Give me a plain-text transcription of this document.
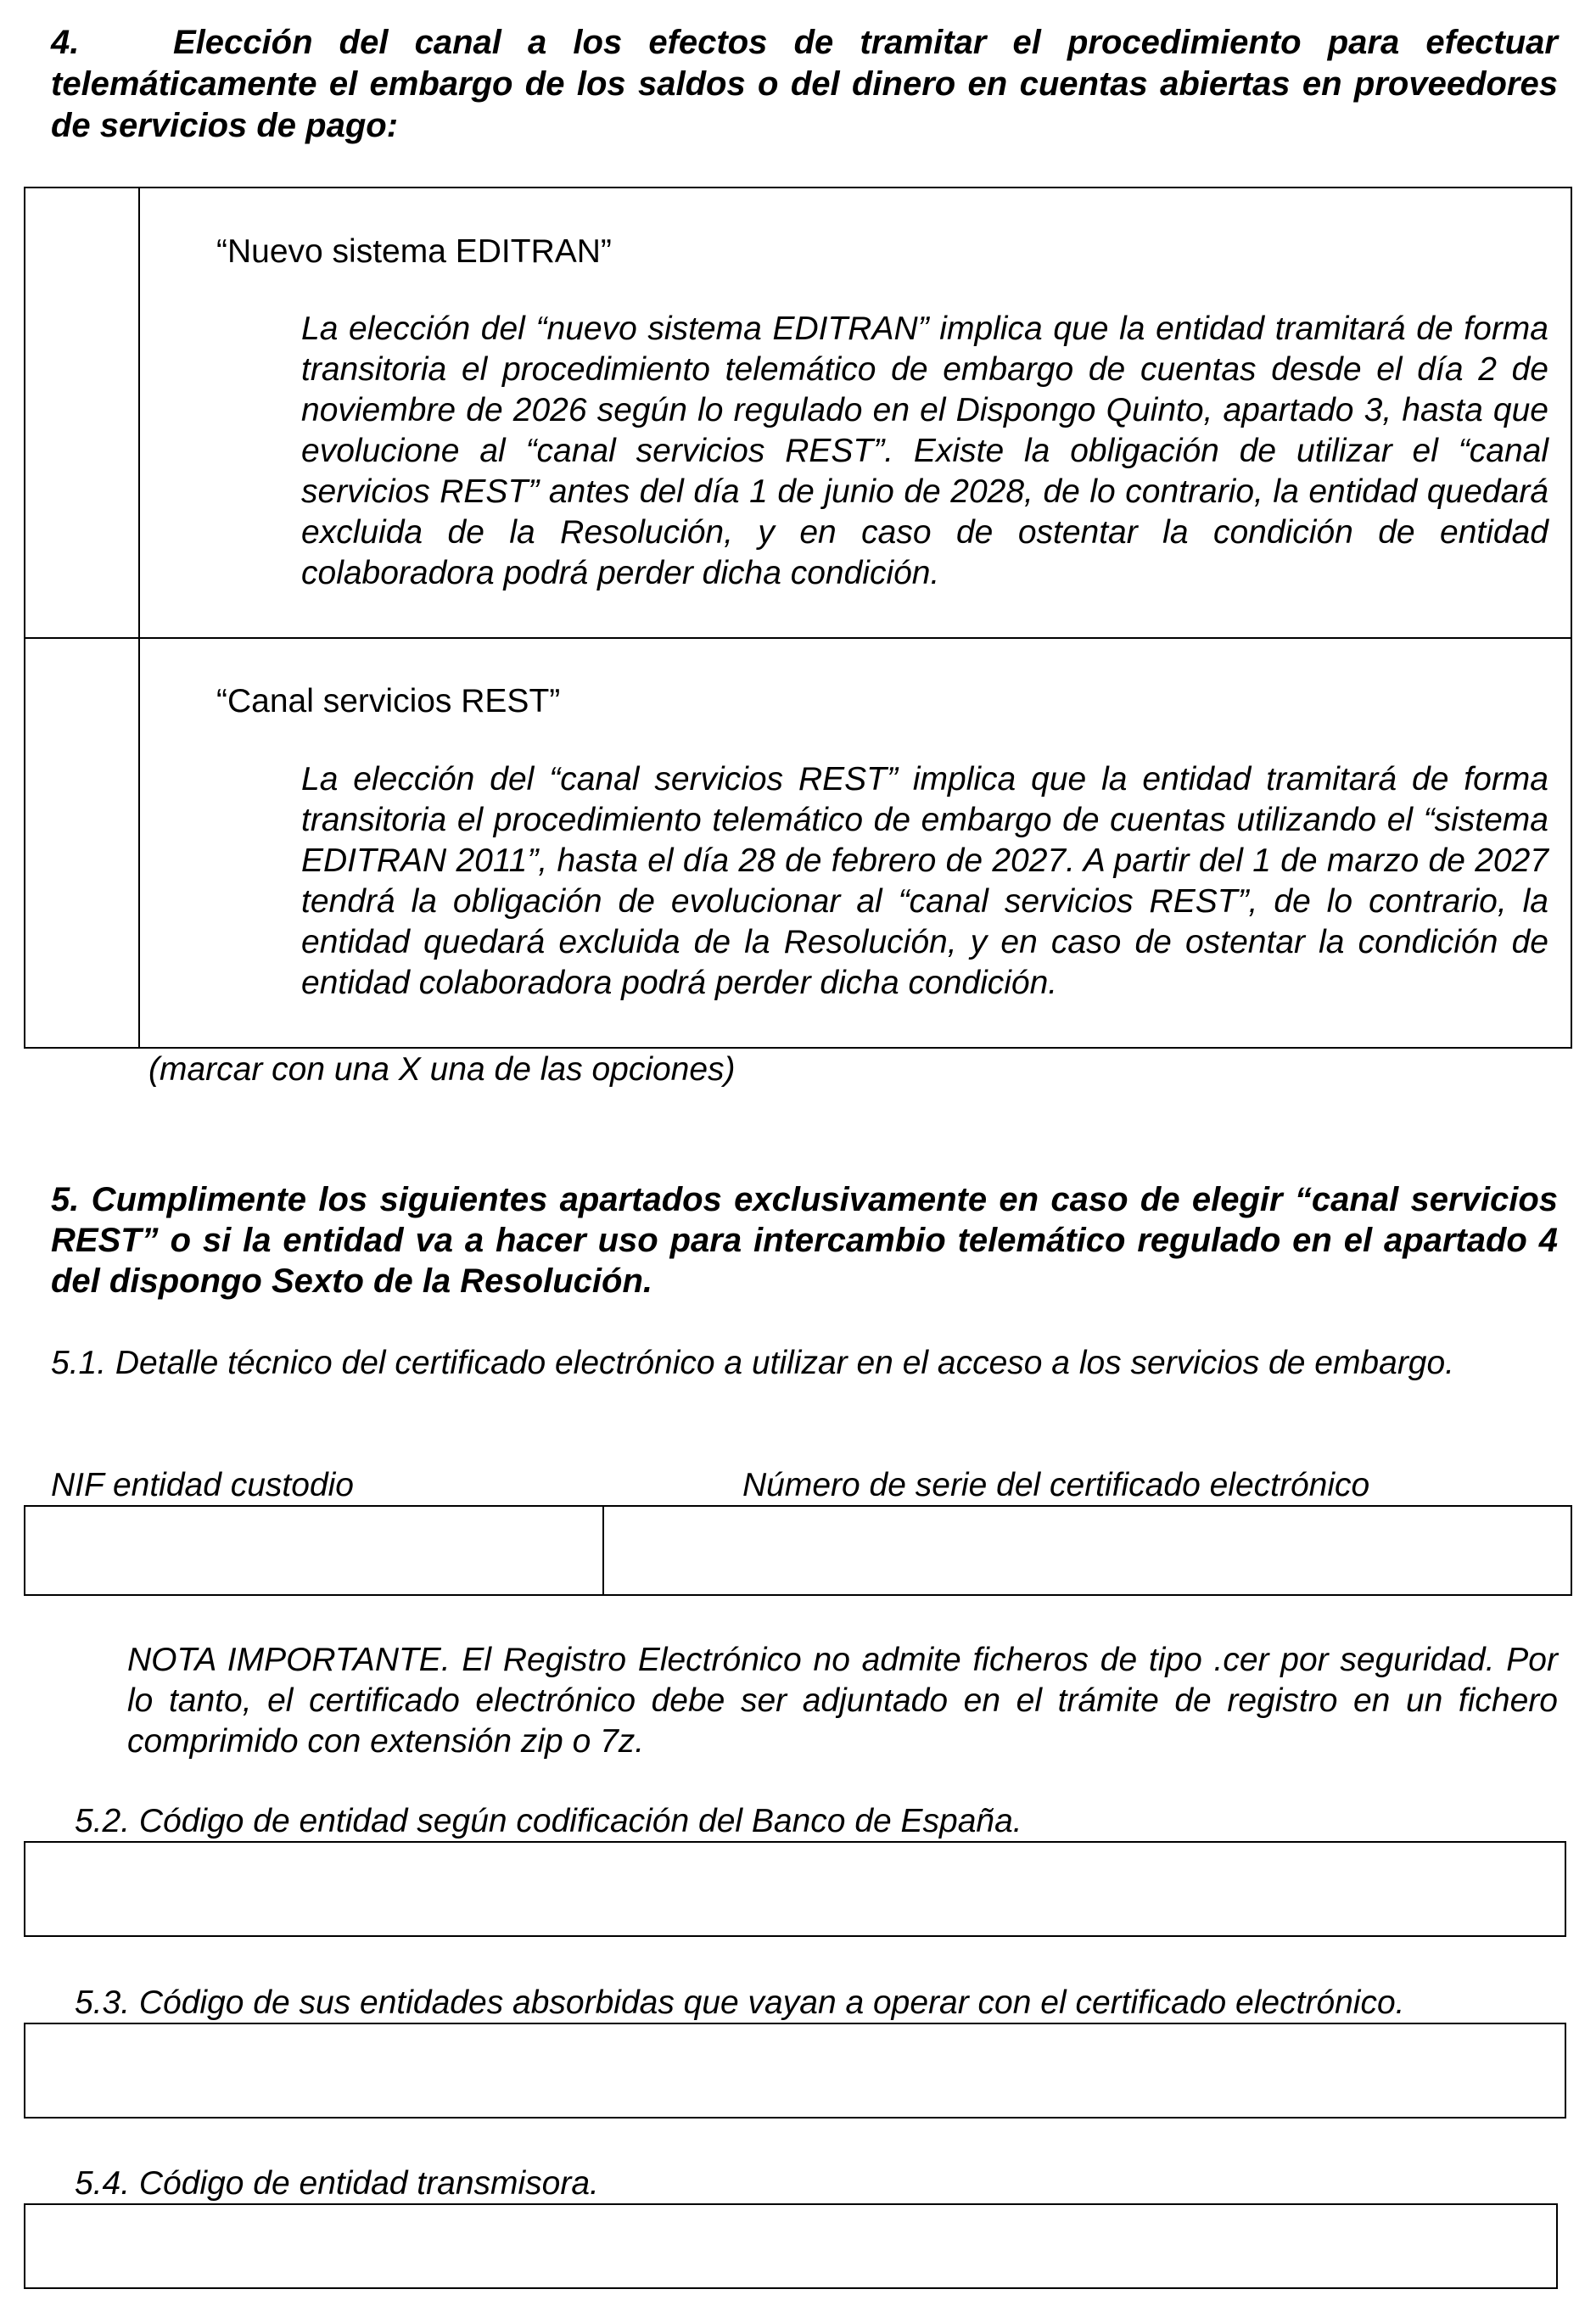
4.	Elección del canal a los efectos de tramitar el procedimiento para efectuar telemáticamente el embargo de los saldos o del dinero en cuentas abiertas en proveedores de servicios de pago:
“Nuevo sistema EDITRAN”
La elección del “nuevo sistema EDITRAN” implica que la entidad tramitará de forma transitoria el procedimiento telemático de embargo de cuentas desde el día 2 de noviembre de 2026 según lo regulado en el Dispongo Quinto, apartado 3, hasta que evolucione al “canal servicios REST”. Existe la obligación de utilizar el “canal servicios REST” antes del día 1 de junio de 2028, de lo contrario, la entidad quedará excluida de la Resolución, y en caso de ostentar la condición de entidad colaboradora podrá perder dicha condición.
“Canal servicios REST”
La elección del “canal servicios REST” implica que la entidad tramitará de forma transitoria el procedimiento telemático de embargo de cuentas utilizando el “sistema EDITRAN 2011”, hasta el día 28 de febrero de 2027. A partir del 1 de marzo de 2027 tendrá la obligación de evolucionar al “canal servicios REST”, de lo contrario, la entidad quedará excluida de la Resolución, y en caso de ostentar la condición de entidad colaboradora podrá perder dicha condición.
(marcar con una X una de las opciones)
5. Cumplimente los siguientes apartados exclusivamente en caso de elegir “canal servicios REST” o si la entidad va a hacer uso para intercambio telemático regulado en el apartado 4 del dispongo Sexto de la Resolución.
5.1. Detalle técnico del certificado electrónico a utilizar en el acceso a los servicios de embargo.
NIF entidad custodio	Número de serie del certificado electrónico
NOTA IMPORTANTE. El Registro Electrónico no admite ficheros de tipo .cer por seguridad. Por lo tanto, el certificado electrónico debe ser adjuntado en el trámite de registro en un fichero comprimido con extensión zip o 7z.
5.2. Código de entidad según codificación del Banco de España.
5.3. Código de sus entidades absorbidas que vayan a operar con el certificado electrónico.
5.4. Código de entidad transmisora.
